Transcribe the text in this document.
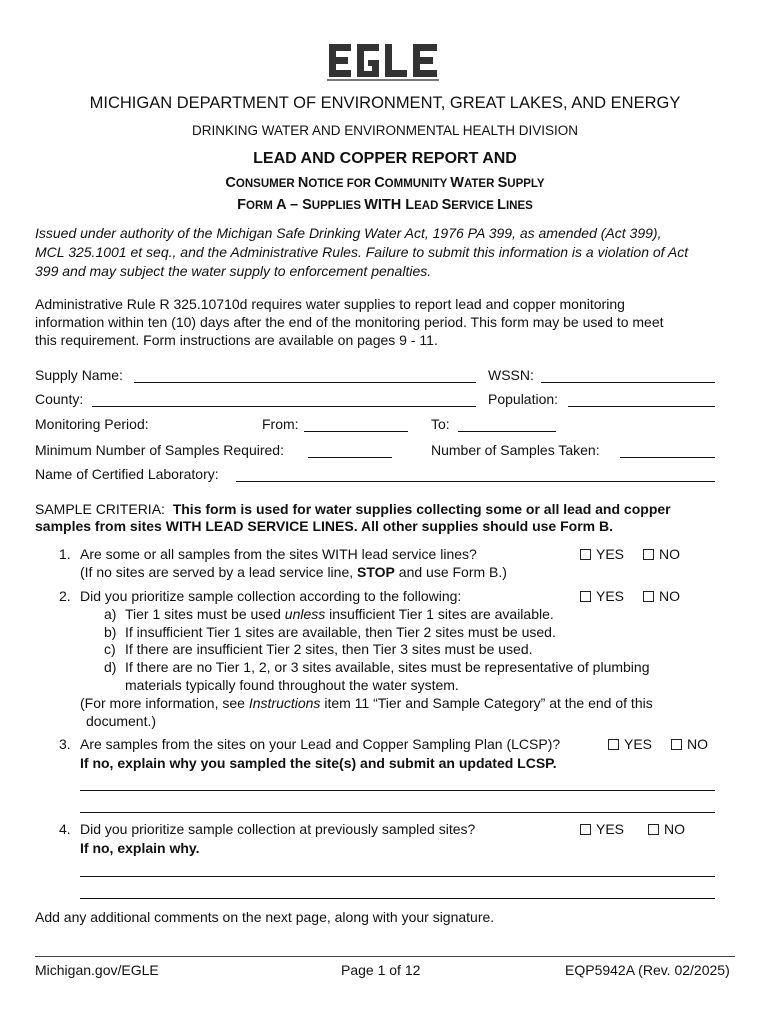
MICHIGAN DEPARTMENT OF ENVIRONMENT, GREAT LAKES, AND ENERGY
DRINKING WATER AND ENVIRONMENTAL HEALTH DIVISION
LEAD AND COPPER REPORT AND
CONSUMER NOTICE FOR COMMUNITY WATER SUPPLY
FORM A – SUPPLIES WITH LEAD SERVICE LINES
Issued under authority of the Michigan Safe Drinking Water Act, 1976 PA 399, as amended (Act 399),
MCL 325.1001 et seq., and the Administrative Rules. Failure to submit this information is a violation of Act
399 and may subject the water supply to enforcement penalties.
Administrative Rule R 325.10710d requires water supplies to report lead and copper monitoring
information within ten (10) days after the end of the monitoring period. This form may be used to meet
this requirement. Form instructions are available on pages 9 - 11.
Supply Name:	WSSN:
County:	Population:
Monitoring Period:	From:	To:
Minimum Number of Samples Required:	Number of Samples Taken:
Name of Certified Laboratory:
SAMPLE CRITERIA: This form is used for water supplies collecting some or all lead and copper
samples from sites WITH LEAD SERVICE LINES. All other supplies should use Form B.
1. Are some or all samples from the sites WITH lead service lines?	YES	NO
(If no sites are served by a lead service line, STOP and use Form B.)
2. Did you prioritize sample collection according to the following:	YES	NO
a) Tier 1 sites must be used unless insufficient Tier 1 sites are available.
b) If insufficient Tier 1 sites are available, then Tier 2 sites must be used.
c) If there are insufficient Tier 2 sites, then Tier 3 sites must be used.
d) If there are no Tier 1, 2, or 3 sites available, sites must be representative of plumbing
materials typically found throughout the water system.
(For more information, see Instructions item 11 “Tier and Sample Category” at the end of this
document.)
3. Are samples from the sites on your Lead and Copper Sampling Plan (LCSP)?	YES	NO
If no, explain why you sampled the site(s) and submit an updated LCSP.
4. Did you prioritize sample collection at previously sampled sites?	YES	NO
If no, explain why.
Add any additional comments on the next page, along with your signature.
Michigan.gov/EGLE	Page 1 of 12	EQP5942A (Rev. 02/2025)
